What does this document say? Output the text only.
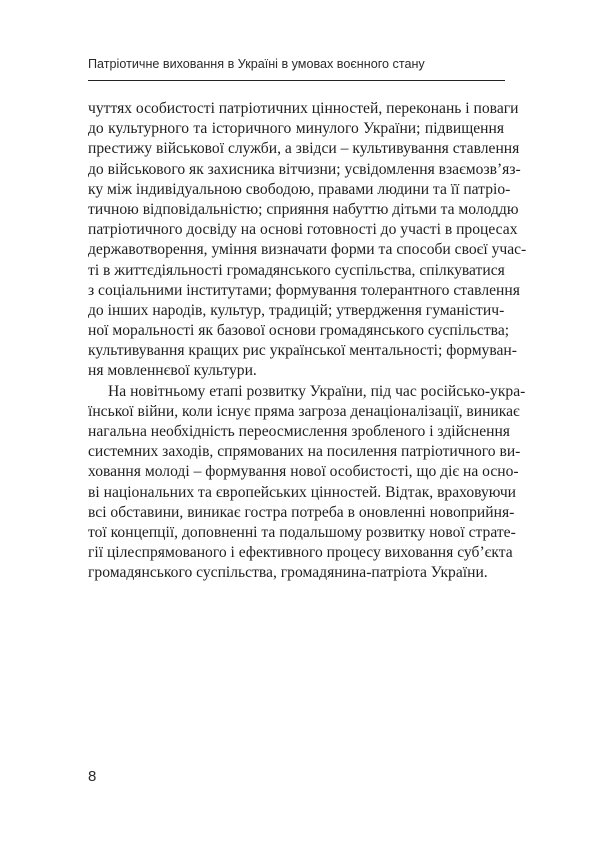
Патріотичне виховання в Україні в умовах воєнного стану
чуттях особистості патріотичних цінностей, переконань і поваги
до культурного та історичного минулого України; підвищення
престижу військової служби, а звідси – культивування ставлення
до військового як захисника вітчизни; усвідомлення взаємозв’яз-
ку між індивідуальною свободою, правами людини та її патріо-
тичною відповідальністю; сприяння набуттю дітьми та молоддю
патріотичного досвіду на основі готовності до участі в процесах
державотворення, уміння визначати форми та способи своєї учас-
ті в життєдіяльності громадянського суспільства, спілкуватися
з соціальними інститутами; формування толерантного ставлення
до інших народів, культур, традицій; утвердження гуманістич-
ної моральності як базової основи громадянського суспільства;
культивування кращих рис української ментальності; формуван-
ня мовленнєвої культури.
На новітньому етапі розвитку України, під час російсько-укра-
їнської війни, коли існує пряма загроза денаціоналізації, виникає
нагальна необхідність переосмислення зробленого і здійснення
системних заходів, спрямованих на посилення патріотичного ви-
ховання молоді – формування нової особистості, що діє на осно-
ві національних та європейських цінностей. Відтак, враховуючи
всі обставини, виникає гостра потреба в оновленні новоприйня-
тої концепції, доповненні та подальшому розвитку нової страте-
гії цілеспрямованого і ефективного процесу виховання суб’єкта
громадянського суспільства, громадянина-патріота України.
8
